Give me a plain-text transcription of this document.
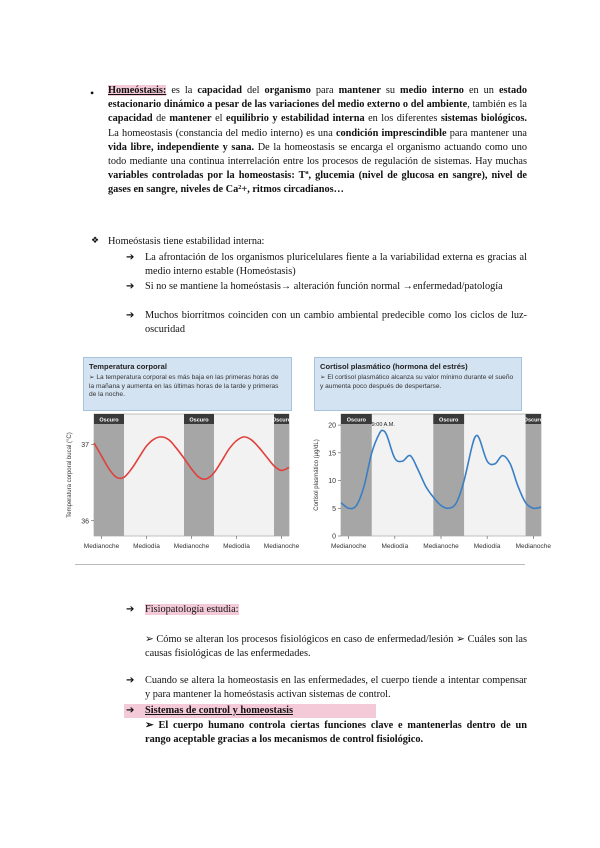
• Homeóstasis: es la capacidad del organismo para mantener su medio interno en un estado estacionario dinámico a pesar de las variaciones del medio externo o del ambiente, también es la capacidad de mantener el equilibrio y estabilidad interna en los diferentes sistemas biológicos. La homeostasis (constancia del medio interno) es una condición imprescindible para mantener una vida libre, independiente y sana. De la homeostasis se encarga el organismo actuando como uno todo mediante una continua interrelación entre los procesos de regulación de sistemas. Hay muchas variables controladas por la homeostasis: Tª, glucemia (nivel de glucosa en sangre), nivel de gases en sangre, niveles de Ca²+, ritmos circadianos…
❖ Homeóstasis tiene estabilidad interna:
➔ La afrontación de los organismos pluricelulares fiente a la variabilidad externa es gracias al medio interno estable (Homeóstasis)
➔ Si no se mantiene la homeóstasis→ alteración función normal →enfermedad/patología
➔ Muchos biorritmos coinciden con un cambio ambiental predecible como los ciclos de luz-oscuridad
Temperatura corporal
➢ La temperatura corporal es más baja en las primeras horas de la mañana y aumenta en las últimas horas de la tarde y primeras de la noche.
Cortisol plasmático (hormona del estrés)
➢ El cortisol plasmático alcanza su valor mínimo durante el sueño y aumenta poco después de despertarse.
Oscuro	Oscuro	Oscuro
37
36
Temperatura corporal bucal (°C)
Medianoche Mediodía Medianoche Mediodía Medianoche
Oscuro	Oscuro	Oscuro
0
5
10
15
20
Cortisol plasmático (µg/dL)
Medianoche Mediodía Medianoche Mediodía Medianoche
9:00 A.M.
➔ Fisiopatología estudia:
➢ Cómo se alteran los procesos fisiológicos en caso de enfermedad/lesión ➢ Cuáles son las causas fisiológicas de las enfermedades.
➔ Cuando se altera la homeostasis en las enfermedades, el cuerpo tiende a intentar compensar y para mantener la homeóstasis activan sistemas de control.
➔ Sistemas de control y homeostasis
➢ El cuerpo humano controla ciertas funciones clave e mantenerlas dentro de un rango aceptable gracias a los mecanismos de control fisiológico.
